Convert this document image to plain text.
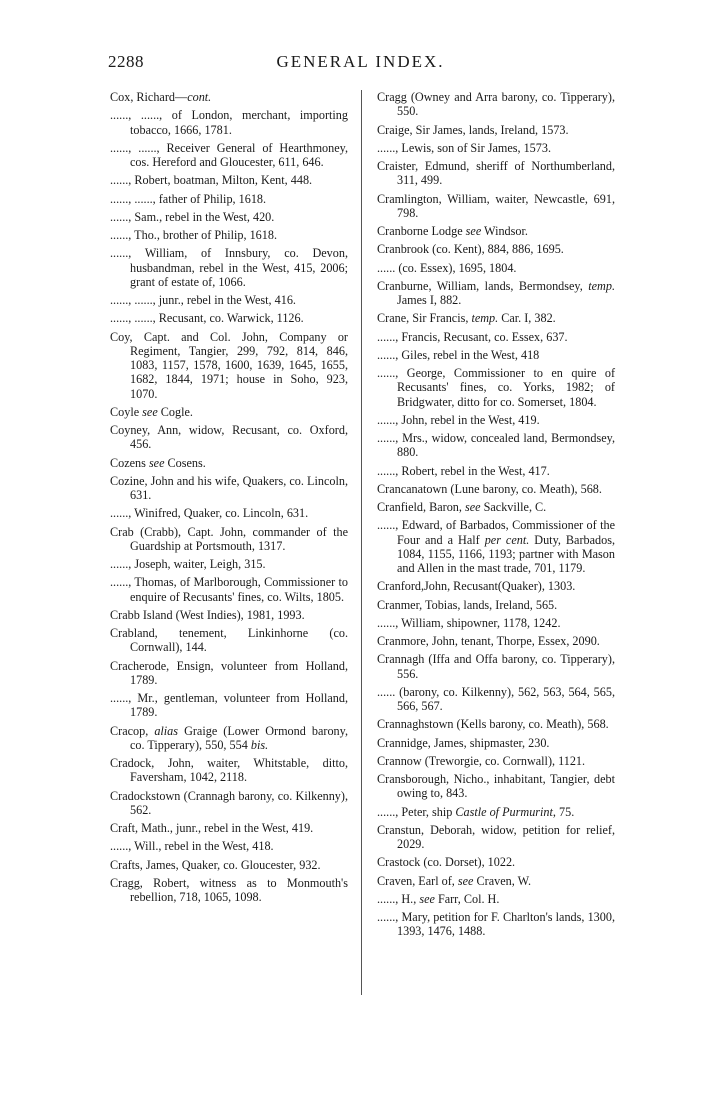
2288	GENERAL INDEX.

Cox, Richard—cont.

......, ......, of London, merchant, importing tobacco, 1666, 1781.

......, ......, Receiver General of Hearthmoney, cos. Hereford and Gloucester, 611, 646.

......, Robert, boatman, Milton, Kent, 448.

......, ......, father of Philip, 1618.

......, Sam., rebel in the West, 420.

......, Tho., brother of Philip, 1618.

......, William, of Innsbury, co. Devon, husbandman, rebel in the West, 415, 2006; grant of estate of, 1066.

......, ......, junr., rebel in the West, 416.

......, ......, Recusant, co. Warwick, 1126.

Coy, Capt. and Col. John, Company or Regiment, Tangier, 299, 792, 814, 846, 1083, 1157, 1578, 1600, 1639, 1645, 1655, 1682, 1844, 1971; house in Soho, 923, 1070.

Coyle see Cogle.

Coyney, Ann, widow, Recusant, co. Oxford, 456.

Cozens see Cosens.

Cozine, John and his wife, Quakers, co. Lincoln, 631.

......, Winifred, Quaker, co. Lincoln, 631.

Crab (Crabb), Capt. John, commander of the Guardship at Portsmouth, 1317.

......, Joseph, waiter, Leigh, 315.

......, Thomas, of Marlborough, Commissioner to enquire of Recusants' fines, co. Wilts, 1805.

Crabb Island (West Indies), 1981, 1993.

Crabland, tenement, Linkinhorne (co. Cornwall), 144.

Cracherode, Ensign, volunteer from Holland, 1789.

......, Mr., gentleman, volunteer from Holland, 1789.

Cracop, alias Graige (Lower Ormond barony, co. Tipperary), 550, 554 bis.

Cradock, John, waiter, Whitstable, ditto, Faversham, 1042, 2118.

Cradockstown (Crannagh barony, co. Kilkenny), 562.

Craft, Math., junr., rebel in the West, 419.

......, Will., rebel in the West, 418.

Crafts, James, Quaker, co. Gloucester, 932.

Cragg, Robert, witness as to Monmouth's rebellion, 718, 1065, 1098.

Cragg (Owney and Arra barony, co. Tipperary), 550.

Craige, Sir James, lands, Ireland, 1573.

......, Lewis, son of Sir James, 1573.

Craister, Edmund, sheriff of Northumberland, 311, 499.

Cramlington, William, waiter, Newcastle, 691, 798.

Cranborne Lodge see Windsor.

Cranbrook (co. Kent), 884, 886, 1695.

...... (co. Essex), 1695, 1804.

Cranburne, William, lands, Bermondsey, temp. James I, 882.

Crane, Sir Francis, temp. Car. I, 382.

......, Francis, Recusant, co. Essex, 637.

......, Giles, rebel in the West, 418

......, George, Commissioner to en quire of Recusants' fines, co. Yorks, 1982; of Bridgwater, ditto for co. Somerset, 1804.

......, John, rebel in the West, 419.

......, Mrs., widow, concealed land, Bermondsey, 880.

......, Robert, rebel in the West, 417.

Crancanatown (Lune barony, co. Meath), 568.

Cranfield, Baron, see Sackville, C.

......, Edward, of Barbados, Commissioner of the Four and a Half per cent. Duty, Barbados, 1084, 1155, 1166, 1193; partner with Mason and Allen in the mast trade, 701, 1179.

Cranford,John, Recusant(Quaker), 1303.

Cranmer, Tobias, lands, Ireland, 565.

......, William, shipowner, 1178, 1242.

Cranmore, John, tenant, Thorpe, Essex, 2090.

Crannagh (Iffa and Offa barony, co. Tipperary), 556.

...... (barony, co. Kilkenny), 562, 563, 564, 565, 566, 567.

Crannaghstown (Kells barony, co. Meath), 568.

Crannidge, James, shipmaster, 230.

Crannow (Treworgie, co. Cornwall), 1121.

Cransborough, Nicho., inhabitant, Tangier, debt owing to, 843.

......, Peter, ship Castle of Purmurint, 75.

Cranstun, Deborah, widow, petition for relief, 2029.

Crastock (co. Dorset), 1022.

Craven, Earl of, see Craven, W.

......, H., see Farr, Col. H.

......, Mary, petition for F. Charlton's lands, 1300, 1393, 1476, 1488.
